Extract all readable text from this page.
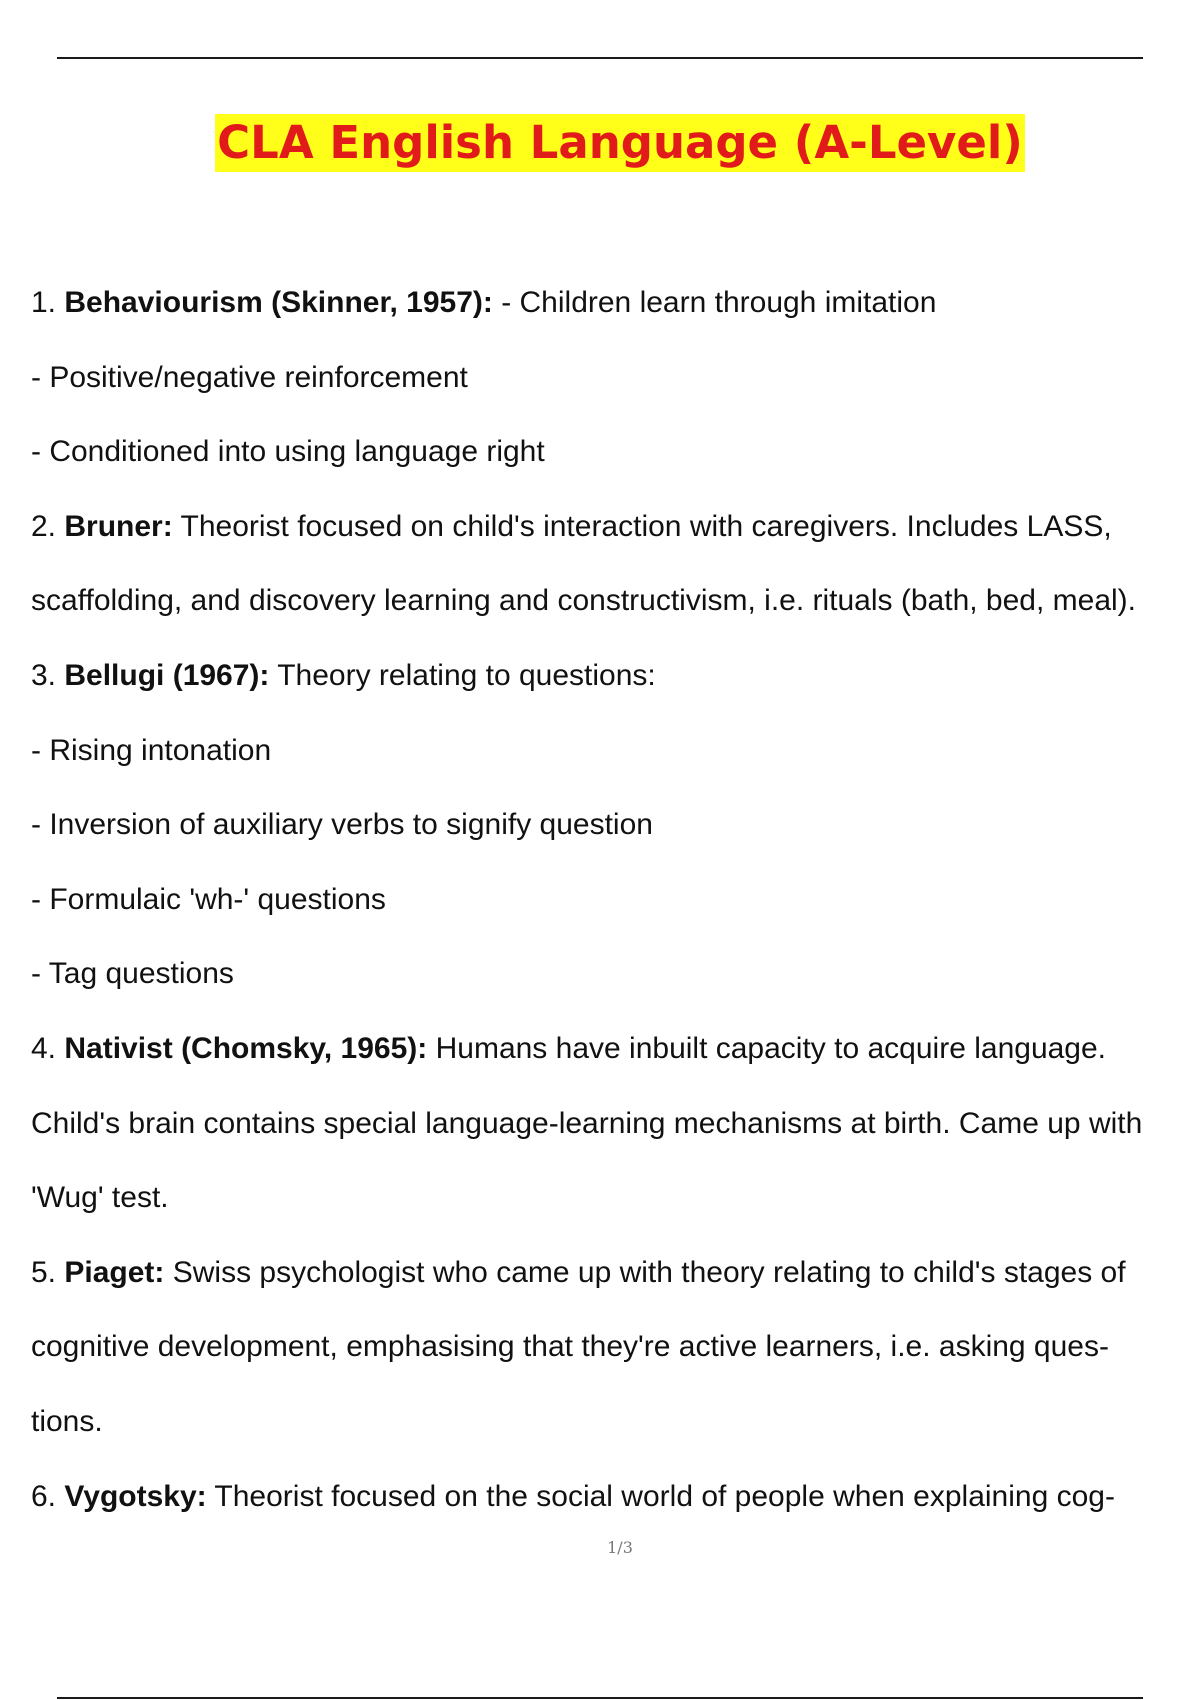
CLA English Language (A-Level)
1. Behaviourism (Skinner, 1957): - Children learn through imitation
- Positive/negative reinforcement
- Conditioned into using language right
2. Bruner: Theorist focused on child's interaction with caregivers. Includes LASS,
scaffolding, and discovery learning and constructivism, i.e. rituals (bath, bed, meal).
3. Bellugi (1967): Theory relating to questions:
- Rising intonation
- Inversion of auxiliary verbs to signify question
- Formulaic 'wh-' questions
- Tag questions
4. Nativist (Chomsky, 1965): Humans have inbuilt capacity to acquire language.
Child's brain contains special language-learning mechanisms at birth. Came up with
'Wug' test.
5. Piaget: Swiss psychologist who came up with theory relating to child's stages of
cognitive development, emphasising that they're active learners, i.e. asking ques-
tions.
6. Vygotsky: Theorist focused on the social world of people when explaining cog-
1/3
